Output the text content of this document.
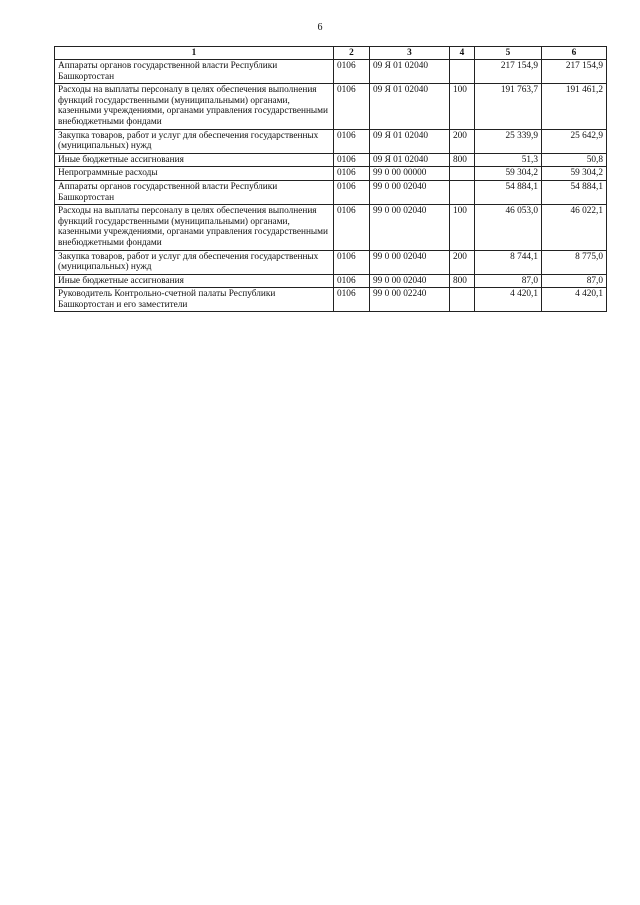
6
1	2	3	4	5	6
Аппараты органов государственной власти Республики Башкортостан	0106	09 Я 01 02040		217 154,9	217 154,9
Расходы на выплаты персоналу в целях обеспечения выполнения функций государственными (муниципальными) органами, казенными учреждениями, органами управления государственными внебюджетными фондами	0106	09 Я 01 02040	100	191 763,7	191 461,2
Закупка товаров, работ и услуг для обеспечения государственных (муниципальных) нужд	0106	09 Я 01 02040	200	25 339,9	25 642,9
Иные бюджетные ассигнования	0106	09 Я 01 02040	800	51,3	50,8
Непрограммные расходы	0106	99 0 00 00000		59 304,2	59 304,2
Аппараты органов государственной власти Республики Башкортостан	0106	99 0 00 02040		54 884,1	54 884,1
Расходы на выплаты персоналу в целях обеспечения выполнения функций государственными (муниципальными) органами, казенными учреждениями, органами управления государственными внебюджетными фондами	0106	99 0 00 02040	100	46 053,0	46 022,1
Закупка товаров, работ и услуг для обеспечения государственных (муниципальных) нужд	0106	99 0 00 02040	200	8 744,1	8 775,0
Иные бюджетные ассигнования	0106	99 0 00 02040	800	87,0	87,0
Руководитель Контрольно-счетной палаты Республики Башкортостан и его заместители	0106	99 0 00 02240		4 420,1	4 420,1
